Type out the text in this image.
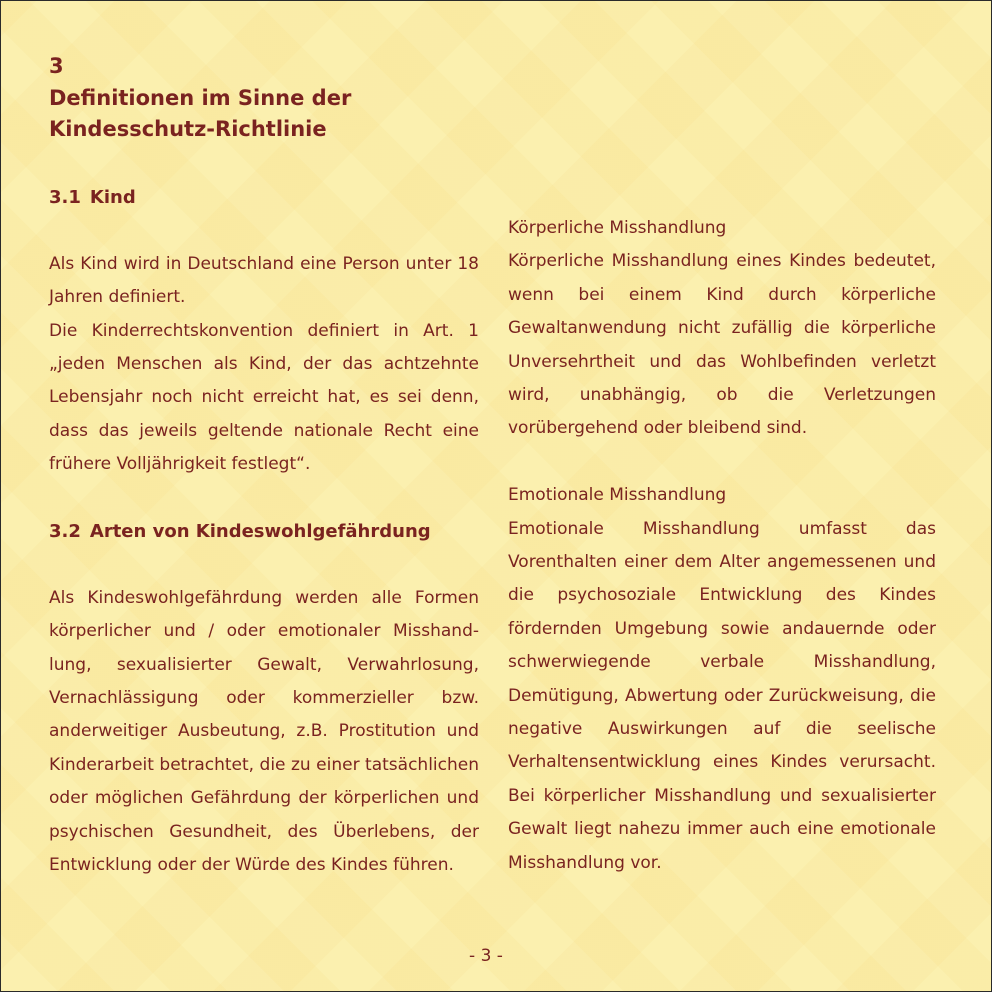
3
Definitionen im Sinne der
Kindesschutz-Richtlinie
3.1 Kind

Als Kind wird in Deutschland eine Person unter 18 Jahren definiert.

Die Kinderrechtskonvention definiert in Art. 1 „jeden Menschen als Kind, der das achtzehnte Lebensjahr noch nicht erreicht hat, es sei denn, dass das jeweils geltende nationale Recht eine frühere Volljährigkeit festlegt“.

3.2 Arten von Kindeswohlgefährdung

Als Kindeswohlgefährdung werden alle Formen körperlicher und / oder emotionaler Misshand-lung, sexualisierter Gewalt, Verwahrlosung, Vernachlässigung oder kommerzieller bzw. anderweitiger Ausbeutung, z.B. Prostitution und Kinderarbeit betrachtet, die zu einer tatsächlichen oder möglichen Gefährdung der körperlichen und psychischen Gesundheit, des Überlebens, der Entwicklung oder der Würde des Kindes führen.

Körperliche Misshandlung

Körperliche Misshandlung eines Kindes bedeutet, wenn bei einem Kind durch körperliche Gewaltanwendung nicht zufällig die körperliche Unversehrtheit und das Wohlbefinden verletzt wird, unabhängig, ob die Verletzungen vorübergehend oder bleibend sind.

Emotionale Misshandlung

Emotionale Misshandlung umfasst das Vorenthalten einer dem Alter angemessenen und die psychosoziale Entwicklung des Kindes fördernden Umgebung sowie andauernde oder schwerwiegende verbale Misshandlung, Demütigung, Abwertung oder Zurückweisung, die negative Auswirkungen auf die seelische Verhaltensentwicklung eines Kindes verursacht. Bei körperlicher Misshandlung und sexualisierter Gewalt liegt nahezu immer auch eine emotionale Misshandlung vor.

- 3 -
